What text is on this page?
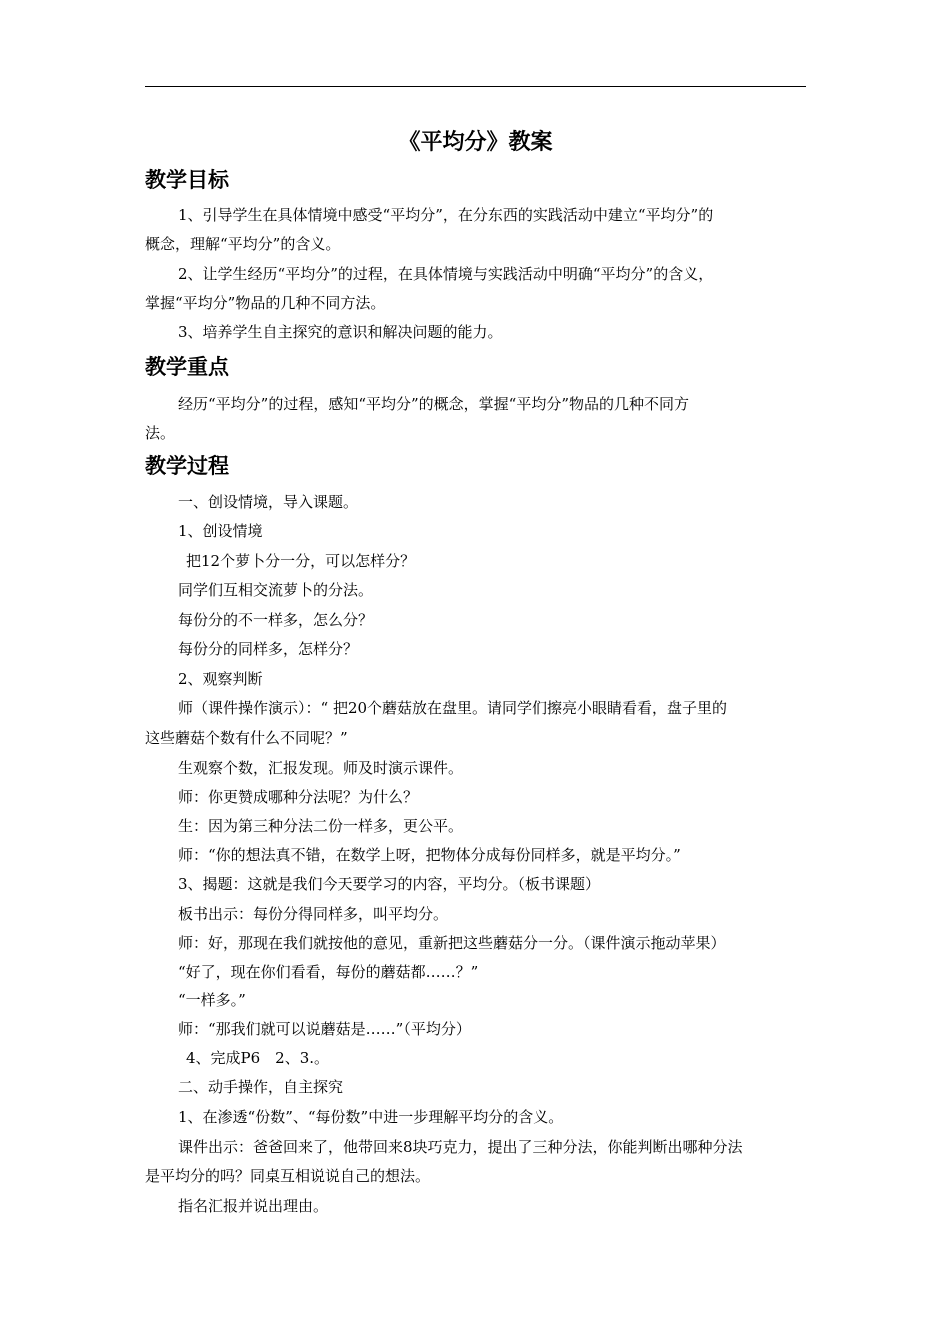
《平均分》教案
教学目标
1、引导学生在具体情境中感受“平均分”，在分东西的实践活动中建立“平均分”的
概念，理解“平均分”的含义。
2、让学生经历“平均分”的过程，在具体情境与实践活动中明确“平均分”的含义，
掌握“平均分”物品的几种不同方法。
3、培养学生自主探究的意识和解决问题的能力。
教学重点
经历“平均分”的过程，感知“平均分”的概念，掌握“平均分”物品的几种不同方
法。
教学过程
一、创设情境，导入课题。
1、创设情境
把12个萝卜分一分，可以怎样分？
同学们互相交流萝卜的分法。
每份分的不一样多，怎么分？
每份分的同样多，怎样分？
2、观察判断
师（课件操作演示）：“ 把20个蘑菇放在盘里。请同学们擦亮小眼睛看看，盘子里的
这些蘑菇个数有什么不同呢？”
生观察个数，汇报发现。师及时演示课件。
师：你更赞成哪种分法呢？为什么？
生：因为第三种分法二份一样多，更公平。
师：“你的想法真不错，在数学上呀，把物体分成每份同样多，就是平均分。”
3、揭题：这就是我们今天要学习的内容，平均分。（板书课题）
板书出示：每份分得同样多，叫平均分。
师：好，那现在我们就按他的意见，重新把这些蘑菇分一分。（课件演示拖动苹果）
“好了，现在你们看看，每份的蘑菇都……？”
“一样多。”
师：“那我们就可以说蘑菇是……”（平均分）
4、完成P6　2、3.。
二、动手操作，自主探究
1、在渗透“份数”、“每份数”中进一步理解平均分的含义。
课件出示：爸爸回来了，他带回来8块巧克力，提出了三种分法，你能判断出哪种分法
是平均分的吗？同桌互相说说自己的想法。
指名汇报并说出理由。
